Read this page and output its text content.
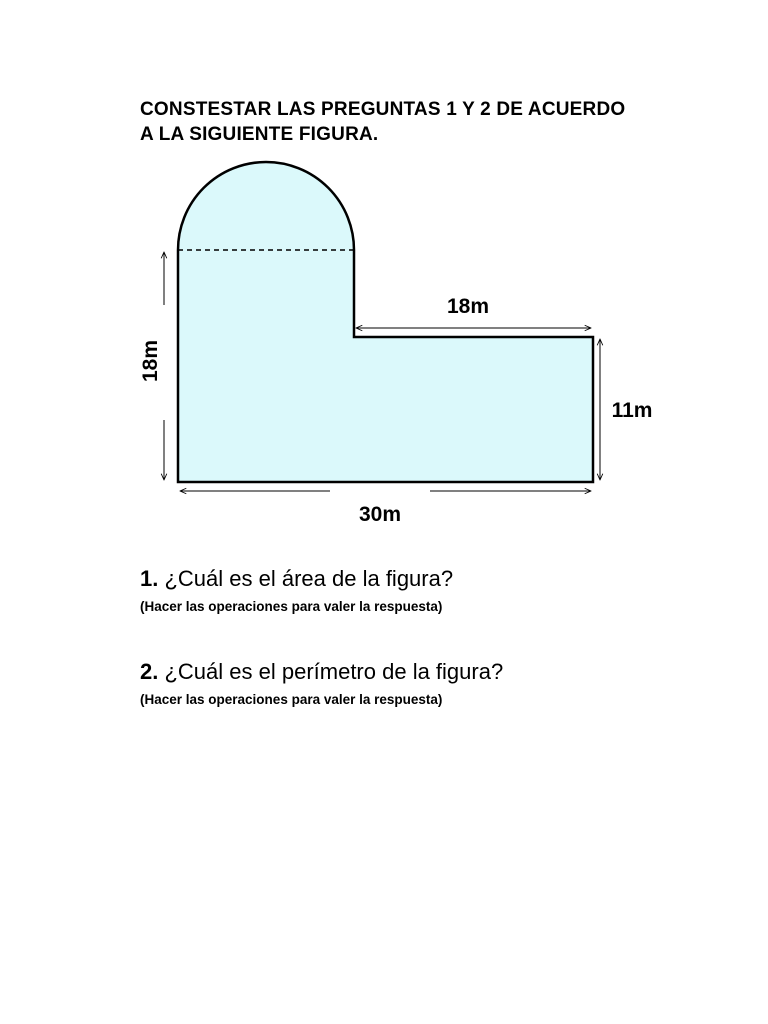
CONSTESTAR LAS PREGUNTAS 1 Y 2 DE ACUERDO
A LA SIGUIENTE FIGURA.
18m
18m
11m
30m
1. ¿Cuál es el área de la figura?
(Hacer las operaciones para valer la respuesta)
2. ¿Cuál es el perímetro de la figura?
(Hacer las operaciones para valer la respuesta)
